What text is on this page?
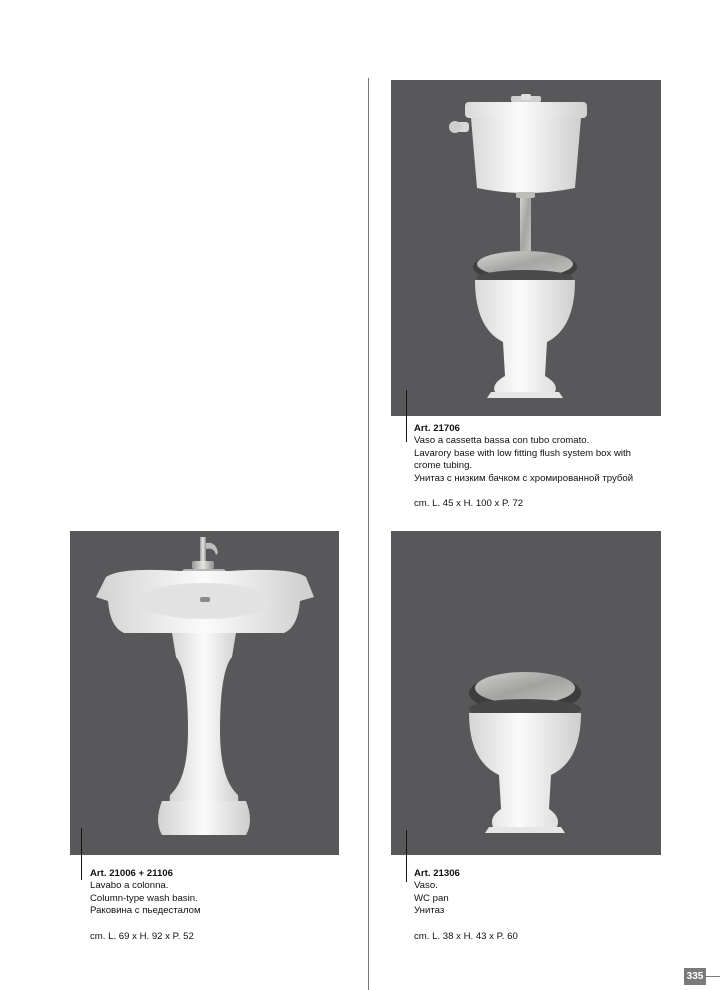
Art. 21706
Vaso a cassetta bassa con tubo cromato.
Lavarory base with low fitting flush system box with
crome tubing.
Унитаз с низким бачком с хромированной трубой
cm. L. 45 x H. 100 x P. 72
Art. 21006 + 21106
Lavabo a colonna.
Column-type wash basin.
Раковина с пьедесталом
cm. L. 69 x H. 92 x P. 52
Art. 21306
Vaso.
WC pan
Унитаз
cm. L. 38 x H. 43 x P. 60
335
